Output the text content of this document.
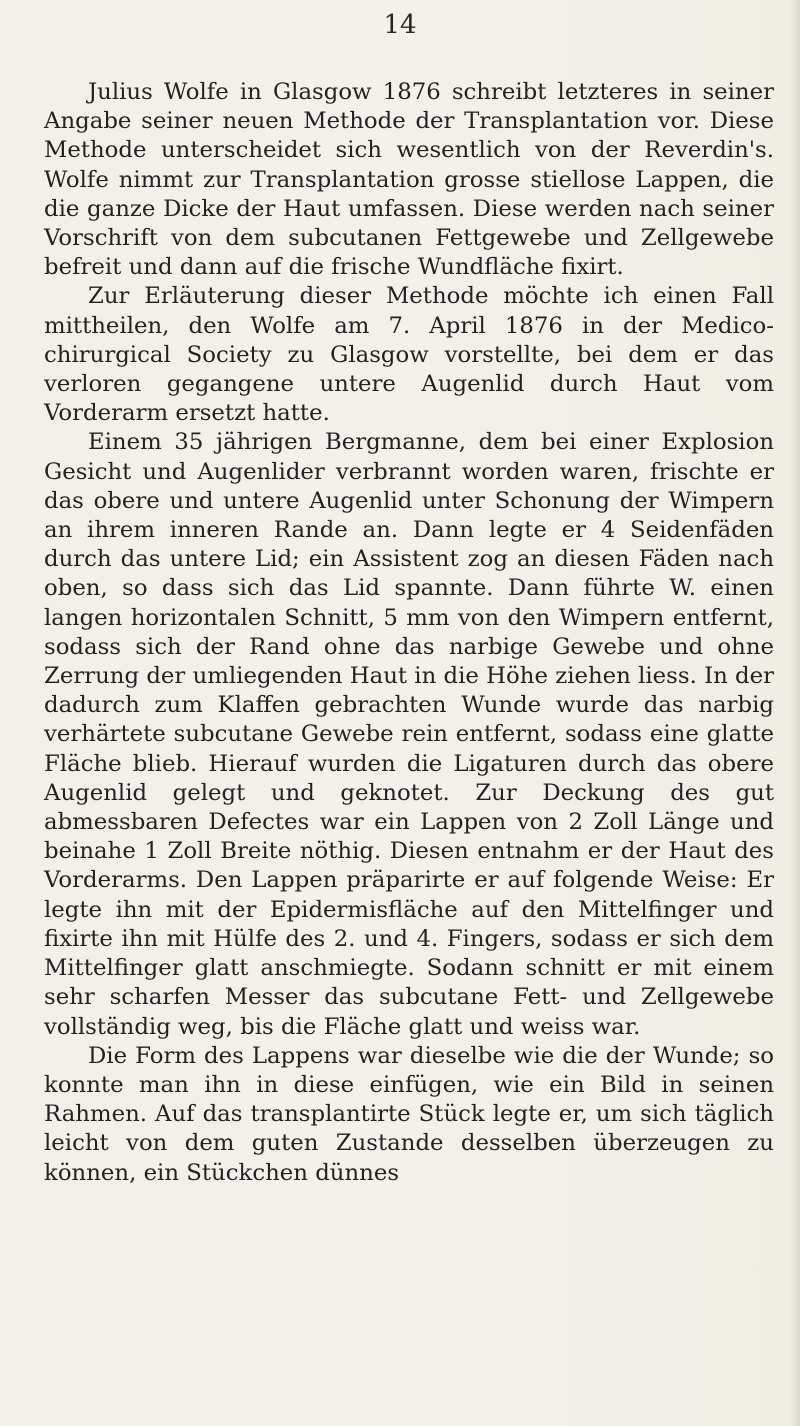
14

Julius Wolfe in Glasgow 1876 schreibt letzteres in seiner Angabe seiner neuen Methode der Transplantation vor. Diese Methode unterscheidet sich wesentlich von der Reverdin's. Wolfe nimmt zur Transplantation grosse stiellose Lappen, die die ganze Dicke der Haut umfassen. Diese werden nach seiner Vorschrift von dem subcutanen Fettgewebe und Zellgewebe befreit und dann auf die frische Wundfläche fixirt.

Zur Erläuterung dieser Methode möchte ich einen Fall mittheilen, den Wolfe am 7. April 1876 in der Medico-chirurgical Society zu Glasgow vorstellte, bei dem er das verloren gegangene untere Augenlid durch Haut vom Vorderarm ersetzt hatte.

Einem 35 jährigen Bergmanne, dem bei einer Explosion Gesicht und Augenlider verbrannt worden waren, frischte er das obere und untere Augenlid unter Schonung der Wimpern an ihrem inneren Rande an. Dann legte er 4 Seidenfäden durch das untere Lid; ein Assistent zog an diesen Fäden nach oben, so dass sich das Lid spannte. Dann führte W. einen langen horizontalen Schnitt, 5 mm von den Wimpern entfernt, sodass sich der Rand ohne das narbige Gewebe und ohne Zerrung der umliegenden Haut in die Höhe ziehen liess. In der dadurch zum Klaffen gebrachten Wunde wurde das narbig verhärtete subcutane Gewebe rein entfernt, sodass eine glatte Fläche blieb. Hierauf wurden die Ligaturen durch das obere Augenlid gelegt und geknotet. Zur Deckung des gut abmessbaren Defectes war ein Lappen von 2 Zoll Länge und beinahe 1 Zoll Breite nöthig. Diesen entnahm er der Haut des Vorderarms. Den Lappen präparirte er auf folgende Weise: Er legte ihn mit der Epidermisfläche auf den Mittelfinger und fixirte ihn mit Hülfe des 2. und 4. Fingers, sodass er sich dem Mittelfinger glatt anschmiegte. Sodann schnitt er mit einem sehr scharfen Messer das subcutane Fett- und Zellgewebe vollständig weg, bis die Fläche glatt und weiss war.

Die Form des Lappens war dieselbe wie die der Wunde; so konnte man ihn in diese einfügen, wie ein Bild in seinen Rahmen. Auf das transplantirte Stück legte er, um sich täglich leicht von dem guten Zustande desselben überzeugen zu können, ein Stückchen dünnes
